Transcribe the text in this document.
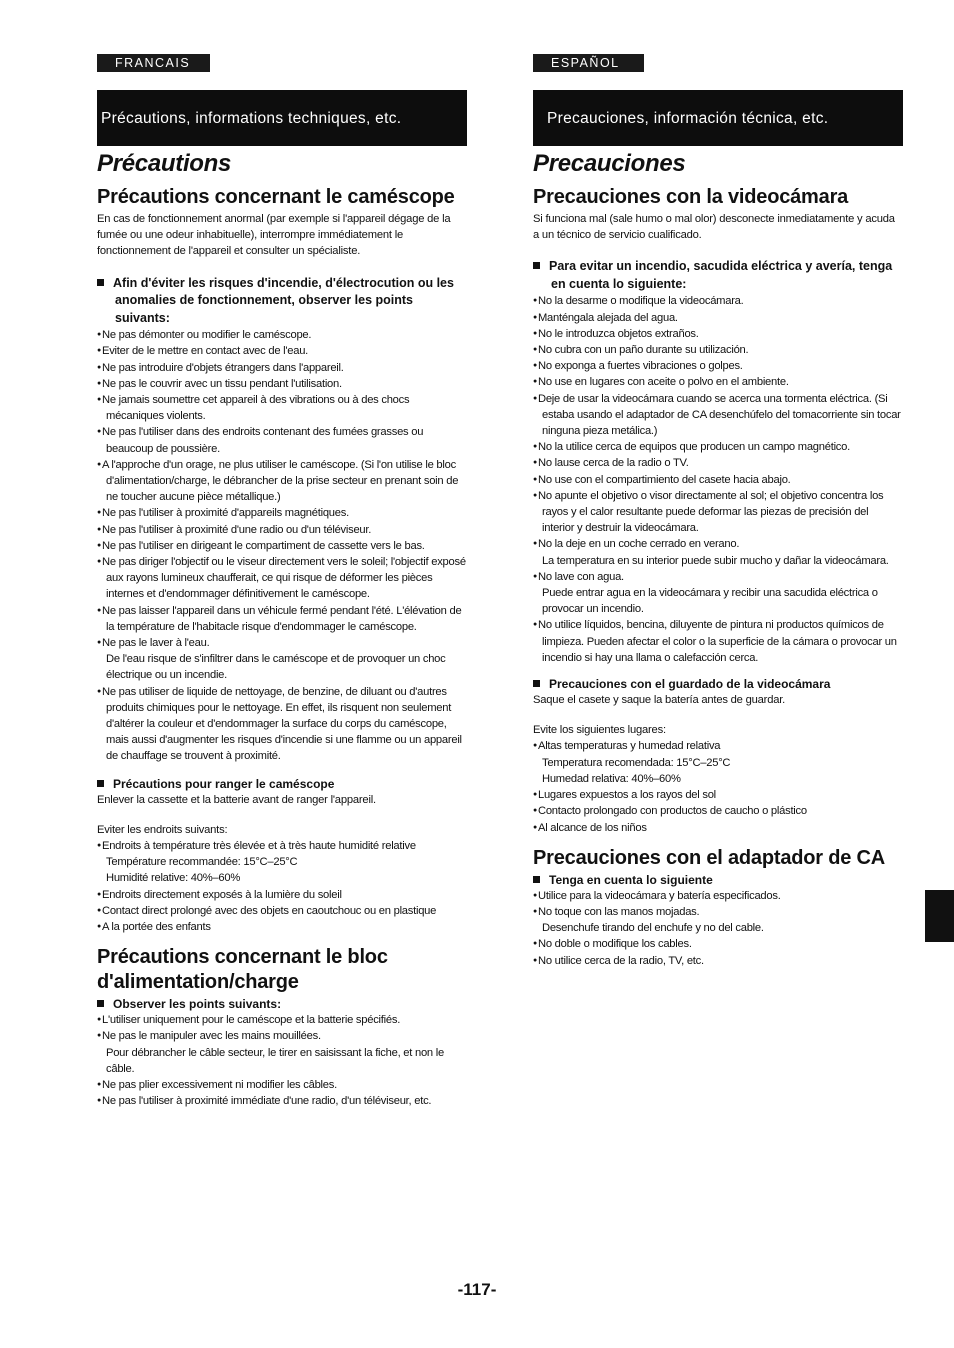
FRANCAIS
Précautions, informations techniques, etc.
Précautions
Précautions concernant le caméscope

En cas de fonctionnement anormal (par exemple si l'appareil dégage de la fumée ou une odeur inhabituelle), interrompre immédiatement le fonctionnement de l'appareil et consulter un spécialiste.

Afin d'éviter les risques d'incendie, d'électrocution ou les anomalies de fonctionnement, observer les points suivants:

● Ne pas démonter ou modifier le caméscope.
● Eviter de le mettre en contact avec de l'eau.
● Ne pas introduire d'objets étrangers dans l'appareil.
● Ne pas le couvrir avec un tissu pendant l'utilisation.
● Ne jamais soumettre cet appareil à des vibrations ou à des chocs mécaniques violents.
● Ne pas l'utiliser dans des endroits contenant des fumées grasses ou beaucoup de poussière.
● A l'approche d'un orage, ne plus utiliser le caméscope. (Si l'on utilise le bloc d'alimentation/charge, le débrancher de la prise secteur en prenant soin de ne toucher aucune pièce métallique.)
● Ne pas l'utiliser à proximité d'appareils magnétiques.
● Ne pas l'utiliser à proximité d'une radio ou d'un téléviseur.
● Ne pas l'utiliser en dirigeant le compartiment de cassette vers le bas.
● Ne pas diriger l'objectif ou le viseur directement vers le soleil; l'objectif exposé aux rayons lumineux chaufferait, ce qui risque de déformer les pièces internes et d'endommager définitivement le caméscope.
● Ne pas laisser l'appareil dans un véhicule fermé pendant l'été. L'élévation de la température de l'habitacle risque d'endommager le caméscope.
● Ne pas le laver à l'eau.
De l'eau risque de s'infiltrer dans le caméscope et de provoquer un choc électrique ou un incendie.
● Ne pas utiliser de liquide de nettoyage, de benzine, de diluant ou d'autres produits chimiques pour le nettoyage. En effet, ils risquent non seulement d'altérer la couleur et d'endommager la surface du corps du caméscope, mais aussi d'augmenter les risques d'incendie si une flamme ou un appareil de chauffage se trouvent à proximité.

Précautions pour ranger le caméscope

Enlever la cassette et la batterie avant de ranger l'appareil.

Eviter les endroits suivants:

● Endroits à température très élevée et à très haute humidité relative
Température recommandée: 15°C–25°C
Humidité relative: 40%–60%
● Endroits directement exposés à la lumière du soleil
● Contact direct prolongé avec des objets en caoutchouc ou en plastique
● A la portée des enfants
Précautions concernant le bloc d'alimentation/charge

Observer les points suivants:

● L'utiliser uniquement pour le caméscope et la batterie spécifiés.
● Ne pas le manipuler avec les mains mouillées.
Pour débrancher le câble secteur, le tirer en saisissant la fiche, et non le câble.
● Ne pas plier excessivement ni modifier les câbles.
● Ne pas l'utiliser à proximité immédiate d'une radio, d'un téléviseur, etc.
ESPAÑOL
Precauciones, información técnica, etc.
Precauciones
Precauciones con la videocámara

Si funciona mal (sale humo o mal olor) desconecte inmediatamente y acuda a un técnico de servicio cualificado.

Para evitar un incendio, sacudida eléctrica y avería, tenga en cuenta lo siguiente:

● No la desarme o modifique la videocámara.
● Manténgala alejada del agua.
● No le introduzca objetos extraños.
● No cubra con un paño durante su utilización.
● No exponga a fuertes vibraciones o golpes.
● No use en lugares con aceite o polvo en el ambiente.
● Deje de usar la videocámara cuando se acerca una tormenta eléctrica. (Si estaba usando el adaptador de CA desenchúfelo del tomacorriente sin tocar ninguna pieza metálica.)
● No la utilice cerca de equipos que producen un campo magnético.
● No lause cerca de la radio o TV.
● No use con el compartimiento del casete hacia abajo.
● No apunte el objetivo o visor directamente al sol; el objetivo concentra los rayos y el calor resultante puede deformar las piezas de precisión del interior y destruir la videocámara.
● No la deje en un coche cerrado en verano.
La temperatura en su interior puede subir mucho y dañar la videocámara.
● No lave con agua.
Puede entrar agua en la videocámara y recibir una sacudida eléctrica o provocar un incendio.
● No utilice líquidos, bencina, diluyente de pintura ni productos químicos de limpieza. Pueden afectar el color o la superficie de la cámara o provocar un incendio si hay una llama o calefacción cerca.

Precauciones con el guardado de la videocámara

Saque el casete y saque la batería antes de guardar.

Evite los siguientes lugares:

● Altas temperaturas y humedad relativa
Temperatura recomendada: 15°C–25°C
Humedad relativa: 40%–60%
● Lugares expuestos a los rayos del sol
● Contacto prolongado con productos de caucho o plástico
● Al alcance de los niños
Precauciones con el adaptador de CA

Tenga en cuenta lo siguiente

● Utilice para la videocámara y batería especificados.
● No toque con las manos mojadas.
Desenchufe tirando del enchufe y no del cable.
● No doble o modifique los cables.
● No utilice cerca de la radio, TV, etc.
-117-
